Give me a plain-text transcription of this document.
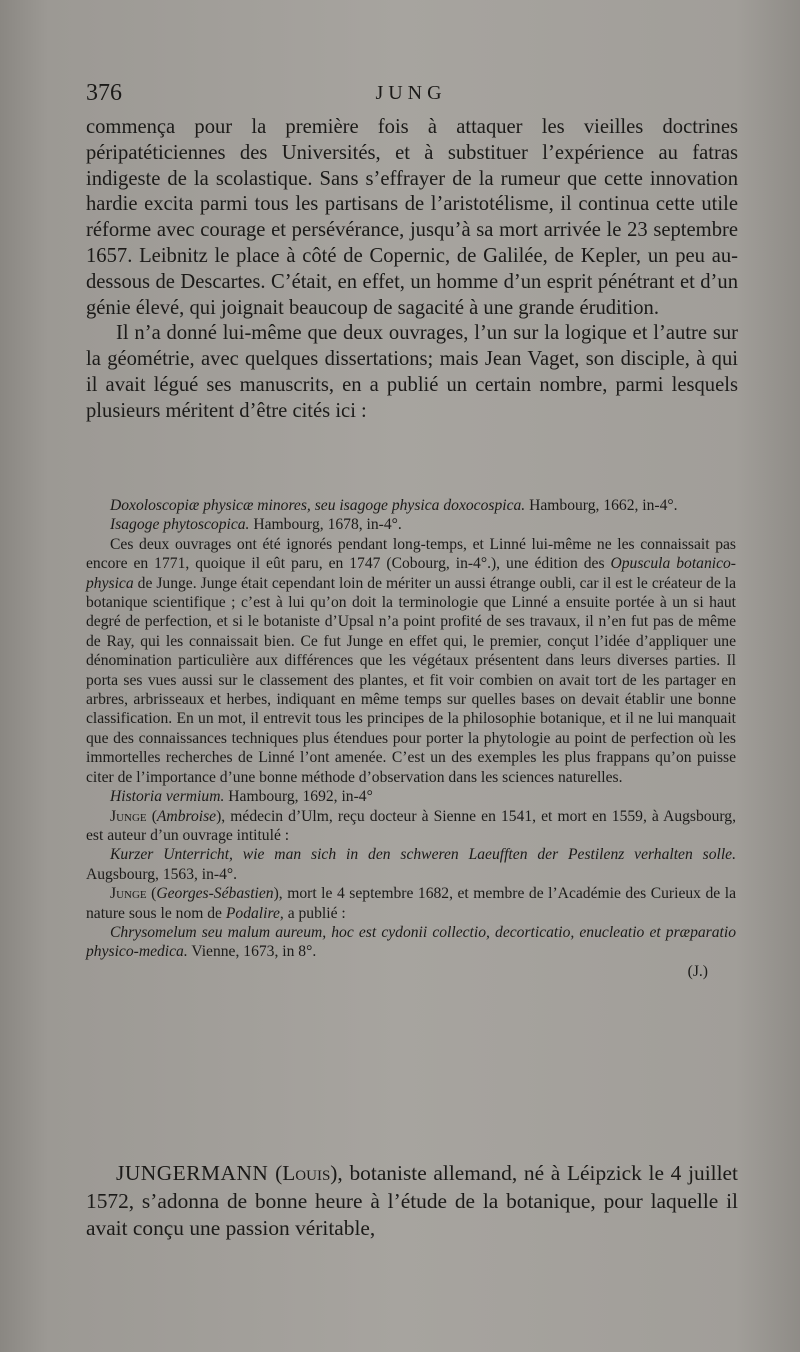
376	JUNG

commença pour la première fois à attaquer les vieilles doctrines péripatéticiennes des Universités, et à substituer l’expérience au fatras indigeste de la scolastique. Sans s’effrayer de la rumeur que cette innovation hardie excita parmi tous les partisans de l’aristotélisme, il continua cette utile réforme avec courage et persévérance, jusqu’à sa mort arrivée le 23 septembre 1657. Leibnitz le place à côté de Copernic, de Galilée, de Kepler, un peu au-dessous de Descartes. C’était, en effet, un homme d’un esprit pénétrant et d’un génie élevé, qui joignait beaucoup de sagacité à une grande érudition.

Il n’a donné lui-même que deux ouvrages, l’un sur la logique et l’autre sur la géométrie, avec quelques dissertations; mais Jean Vaget, son disciple, à qui il avait légué ses manuscrits, en a publié un certain nombre, parmi lesquels plusieurs méritent d’être cités ici :

Doxoloscopiæ physicæ minores, seu isagoge physica doxocospica. Hambourg, 1662, in-4°.

Isagoge phytoscopica. Hambourg, 1678, in-4°.

Ces deux ouvrages ont été ignorés pendant long-temps, et Linné lui-même ne les connaissait pas encore en 1771, quoique il eût paru, en 1747 (Cobourg, in-4°.), une édition des Opuscula botanico-physica de Junge. Junge était cependant loin de mériter un aussi étrange oubli, car il est le créateur de la botanique scientifique ; c’est à lui qu’on doit la terminologie que Linné a ensuite portée à un si haut degré de perfection, et si le botaniste d’Upsal n’a point profité de ses travaux, il n’en fut pas de même de Ray, qui les connaissait bien. Ce fut Junge en effet qui, le premier, conçut l’idée d’appliquer une dénomination particulière aux différences que les végétaux présentent dans leurs diverses parties. Il porta ses vues aussi sur le classement des plantes, et fit voir combien on avait tort de les partager en arbres, arbrisseaux et herbes, indiquant en même temps sur quelles bases on devait établir une bonne classification. En un mot, il entrevit tous les principes de la philosophie botanique, et il ne lui manquait que des connaissances techniques plus étendues pour porter la phytologie au point de perfection où les immortelles recherches de Linné l’ont amenée. C’est un des exemples les plus frappans qu’on puisse citer de l’importance d’une bonne méthode d’observation dans les sciences naturelles.

Historia vermium. Hambourg, 1692, in-4°

Junge (Ambroise), médecin d’Ulm, reçu docteur à Sienne en 1541, et mort en 1559, à Augsbourg, est auteur d’un ouvrage intitulé :

Kurzer Unterricht, wie man sich in den schweren Laeufften der Pestilenz verhalten solle. Augsbourg, 1563, in-4°.

Junge (Georges-Sébastien), mort le 4 septembre 1682, et membre de l’Académie des Curieux de la nature sous le nom de Podalire, a publié :

Chrysomelum seu malum aureum, hoc est cydonii collectio, decorticatio, enucleatio et præparatio physico-medica. Vienne, 1673, in 8°.

(J.)

JUNGERMANN (Louis), botaniste allemand, né à Léipzick le 4 juillet 1572, s’adonna de bonne heure à l’étude de la botanique, pour laquelle il avait conçu une passion véritable,
